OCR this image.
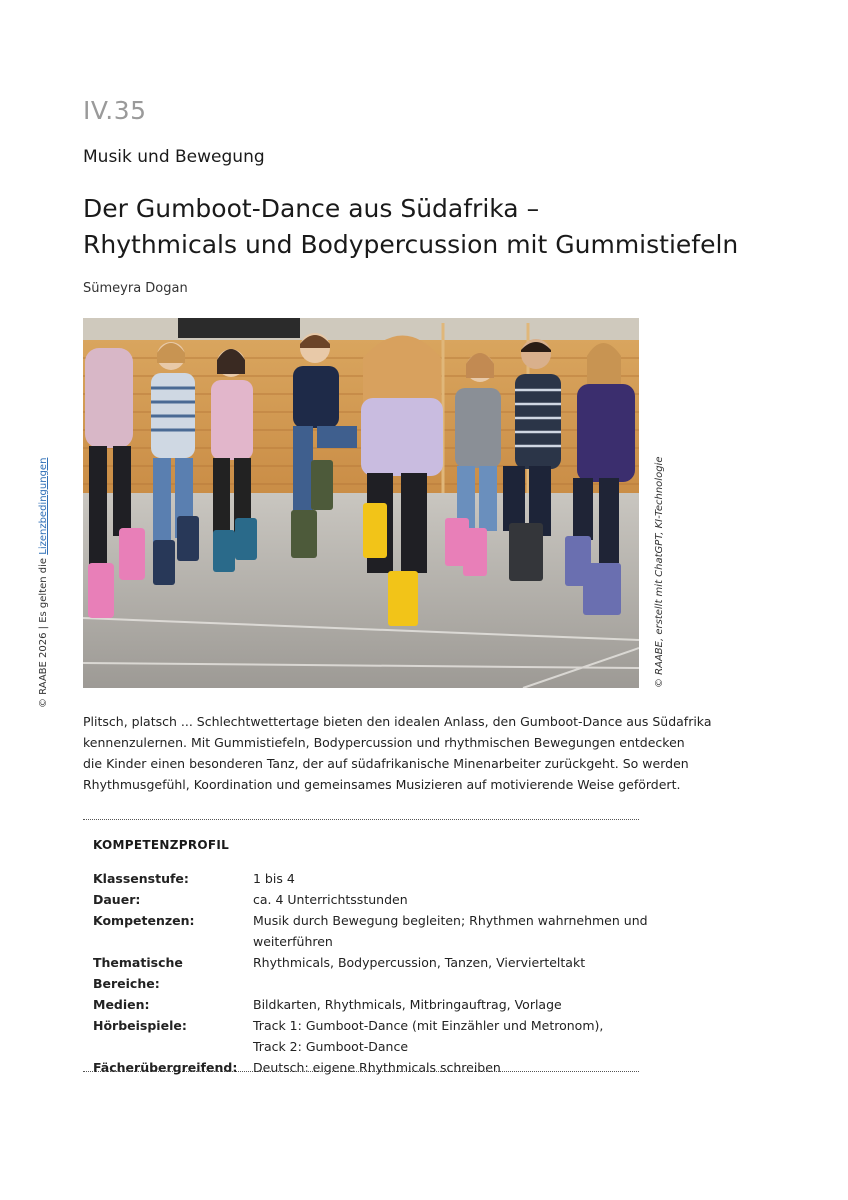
IV.35
Musik und Bewegung
Der Gumboot-Dance aus Südafrika –
Rhythmicals und Bodypercussion mit Gummistiefeln
Sümeyra Dogan
© RAABE, erstellt mit ChatGPT, KI-Technologie
© RAABE 2026 | Es gelten die Lizenzbedingungen
Plitsch, platsch ... Schlechtwettertage bieten den idealen Anlass, den Gumboot-Dance aus Südafrika
kennenzulernen. Mit Gummistiefeln, Bodypercussion und rhythmischen Bewegungen entdecken
die Kinder einen besonderen Tanz, der auf südafrikanische Minenarbeiter zurückgeht. So werden
Rhythmusgefühl, Koordination und gemeinsames Musizieren auf motivierende Weise gefördert.
KOMPETENZPROFIL
Klassenstufe:	1 bis 4
Dauer:	ca. 4 Unterrichtsstunden
Kompetenzen:	Musik durch Bewegung begleiten; Rhythmen wahrnehmen und
weiterführen
Thematische Bereiche:
Rhythmicals, Bodypercussion, Tanzen, Viervierteltakt
Medien:	Bildkarten, Rhythmicals, Mitbringauftrag, Vorlage
Hörbeispiele:	Track 1: Gumboot-Dance (mit Einzähler und Metronom),
Track 2: Gumboot-Dance
Fächerübergreifend:	Deutsch: eigene Rhythmicals schreiben
